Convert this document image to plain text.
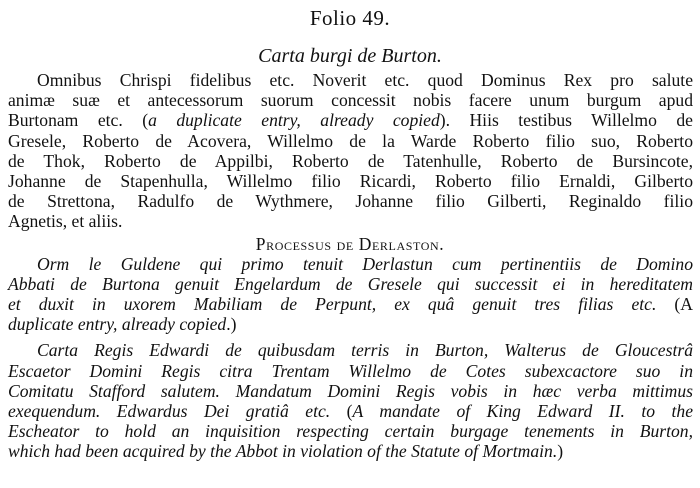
Folio 49.
Carta burgi de Burton.
Omnibus Chrispi fidelibus etc. Noverit etc. quod Dominus Rex pro salute
animæ suæ et antecessorum suorum concessit nobis facere unum burgum apud
Burtonam etc. (a duplicate entry, already copied). Hiis testibus Willelmo de
Gresele, Roberto de Acovera, Willelmo de la Warde Roberto filio suo, Roberto
de Thok, Roberto de Appilbi, Roberto de Tatenhulle, Roberto de Bursincote,
Johanne de Stapenhulla, Willelmo filio Ricardi, Roberto filio Ernaldi, Gilberto
de Strettona, Radulfo de Wythmere, Johanne filio Gilberti, Reginaldo filio
Agnetis, et aliis.
Processus de Derlaston.
Orm le Guldene qui primo tenuit Derlastun cum pertinentiis de Domino
Abbati de Burtona genuit Engelardum de Gresele qui successit ei in hereditatem
et duxit in uxorem Mabiliam de Perpunt, ex quâ genuit tres filias etc. (A
duplicate entry, already copied.)
Carta Regis Edwardi de quibusdam terris in Burton, Walterus de Gloucestrâ
Escaetor Domini Regis citra Trentam Willelmo de Cotes subexcactore suo in
Comitatu Stafford salutem. Mandatum Domini Regis vobis in hæc verba mittimus
exequendum. Edwardus Dei gratiâ etc. (A mandate of King Edward II. to the
Escheator to hold an inquisition respecting certain burgage tenements in Burton,
which had been acquired by the Abbot in violation of the Statute of Mortmain.)
